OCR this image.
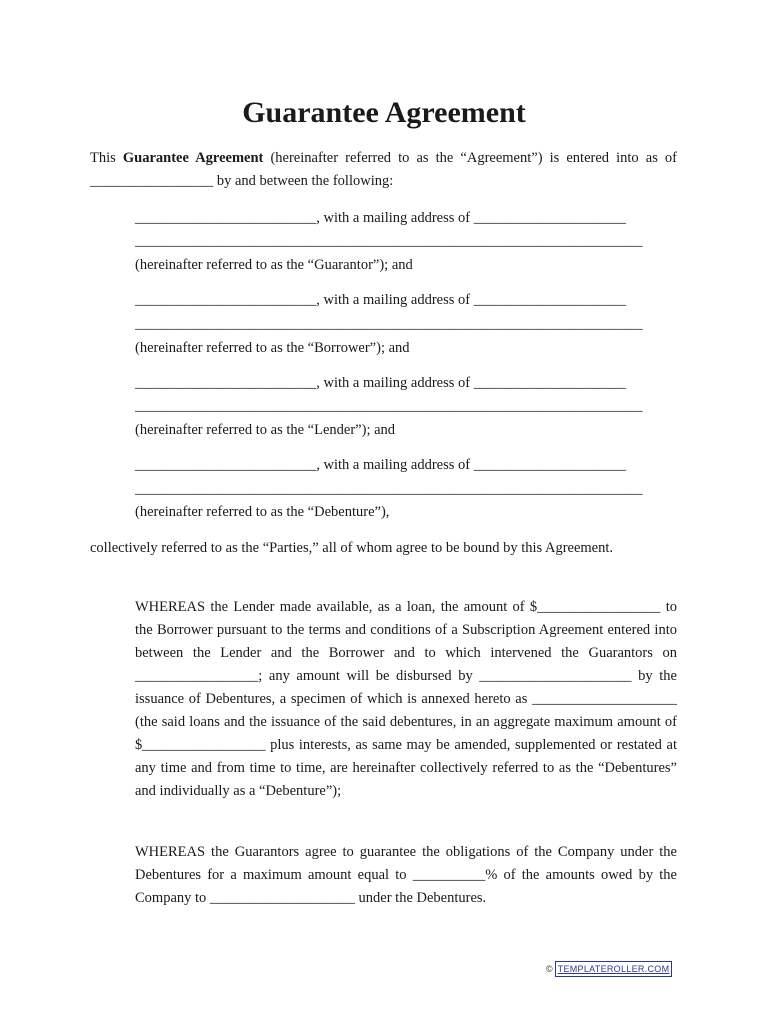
Guarantee Agreement

This Guarantee Agreement (hereinafter referred to as the “Agreement”) is entered into as of _________________ by and between the following:

_________________________, with a mailing address of _____________________
______________________________________________________________________
(hereinafter referred to as the “Guarantor”); and
_________________________, with a mailing address of _____________________
______________________________________________________________________
(hereinafter referred to as the “Borrower”); and
_________________________, with a mailing address of _____________________
______________________________________________________________________
(hereinafter referred to as the “Lender”); and
_________________________, with a mailing address of _____________________
______________________________________________________________________
(hereinafter referred to as the “Debenture”),

collectively referred to as the “Parties,” all of whom agree to be bound by this Agreement.

WHEREAS the Lender made available, as a loan, the amount of $_________________ to the Borrower pursuant to the terms and conditions of a Subscription Agreement entered into between the Lender and the Borrower and to which intervened the Guarantors on _________________; any amount will be disbursed by _____________________ by the issuance of Debentures, a specimen of which is annexed hereto as ____________________ (the said loans and the issuance of the said debentures, in an aggregate maximum amount of $_________________ plus interests, as same may be amended, supplemented or restated at any time and from time to time, are hereinafter collectively referred to as the “Debentures” and individually as a “Debenture”);

WHEREAS the Guarantors agree to guarantee the obligations of the Company under the Debentures for a maximum amount equal to __________% of the amounts owed by the Company to ____________________ under the Debentures.

© TEMPLATEROLLER.COM
